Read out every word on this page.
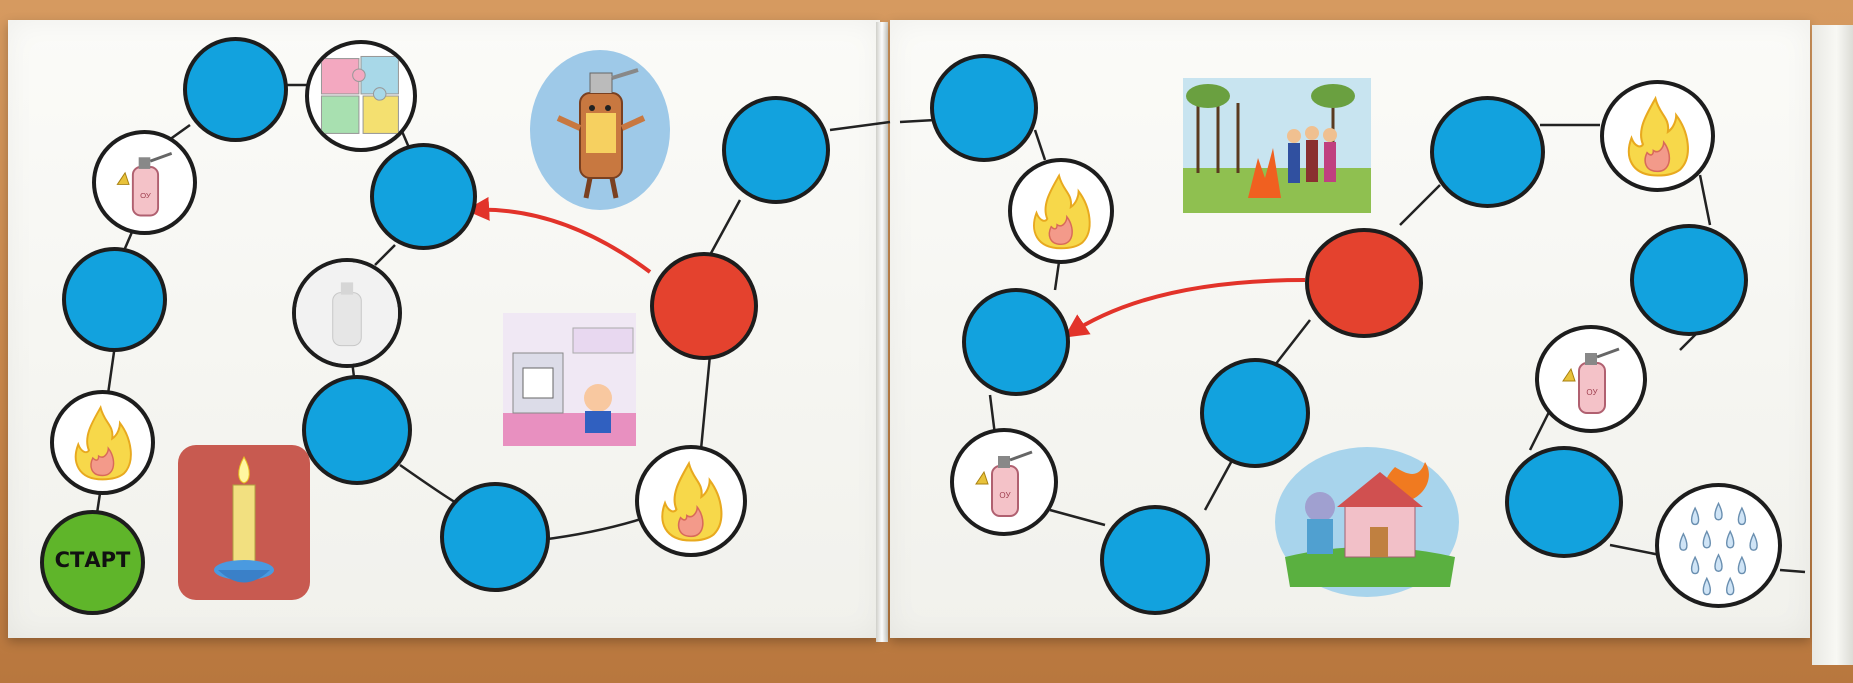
СТАРТ
ОУ
ОУ
ОУ
